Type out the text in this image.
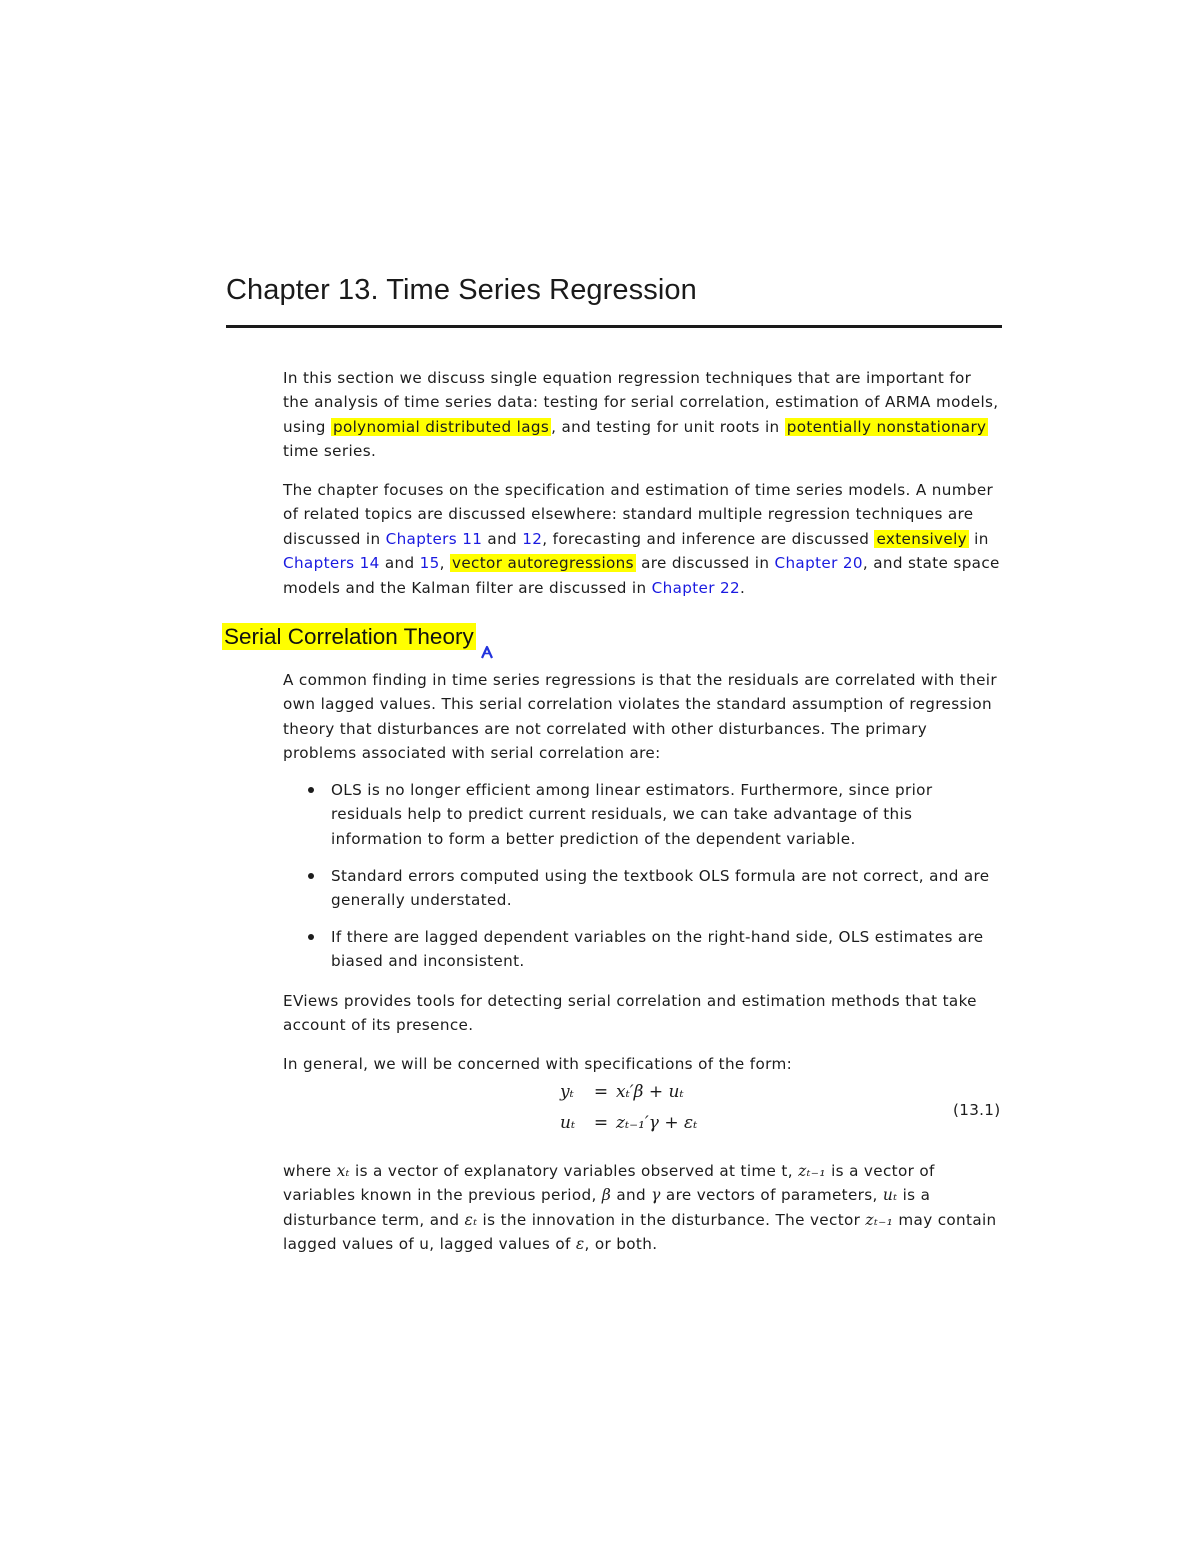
Chapter 13. Time Series Regression

In this section we discuss single equation regression techniques that are important for the analysis of time series data: testing for serial correlation, estimation of ARMA models, using polynomial distributed lags , and testing for unit roots in potentially nonstationary time series.

The chapter focuses on the specification and estimation of time series models. A number of related topics are discussed elsewhere: standard multiple regression techniques are discussed in Chapters 11 and 12, forecasting and inference are discussed extensively in Chapters 14 and 15, vector autoregressions are discussed in Chapter 20, and state space models and the Kalman filter are discussed in Chapter 22.

Serial Correlation Theory

A common finding in time series regressions is that the residuals are correlated with their own lagged values. This serial correlation violates the standard assumption of regression theory that disturbances are not correlated with other disturbances. The primary problems associated with serial correlation are:

OLS is no longer efficient among linear estimators. Furthermore, since prior residuals help to predict current residuals, we can take advantage of this information to form a better prediction of the dependent variable.
Standard errors computed using the textbook OLS formula are not correct, and are generally understated.
If there are lagged dependent variables on the right-hand side, OLS estimates are biased and inconsistent.

EViews provides tools for detecting serial correlation and estimation methods that take account of its presence.

In general, we will be concerned with specifications of the form:

yₜ = xₜ′β + uₜ
uₜ = zₜ₋₁′γ + εₜ
(13.1)

where xₜ is a vector of explanatory variables observed at time t, zₜ₋₁ is a vector of variables known in the previous period, β and γ are vectors of parameters, uₜ is a disturbance term, and εₜ is the innovation in the disturbance. The vector zₜ₋₁ may contain lagged values of u, lagged values of ε, or both.
